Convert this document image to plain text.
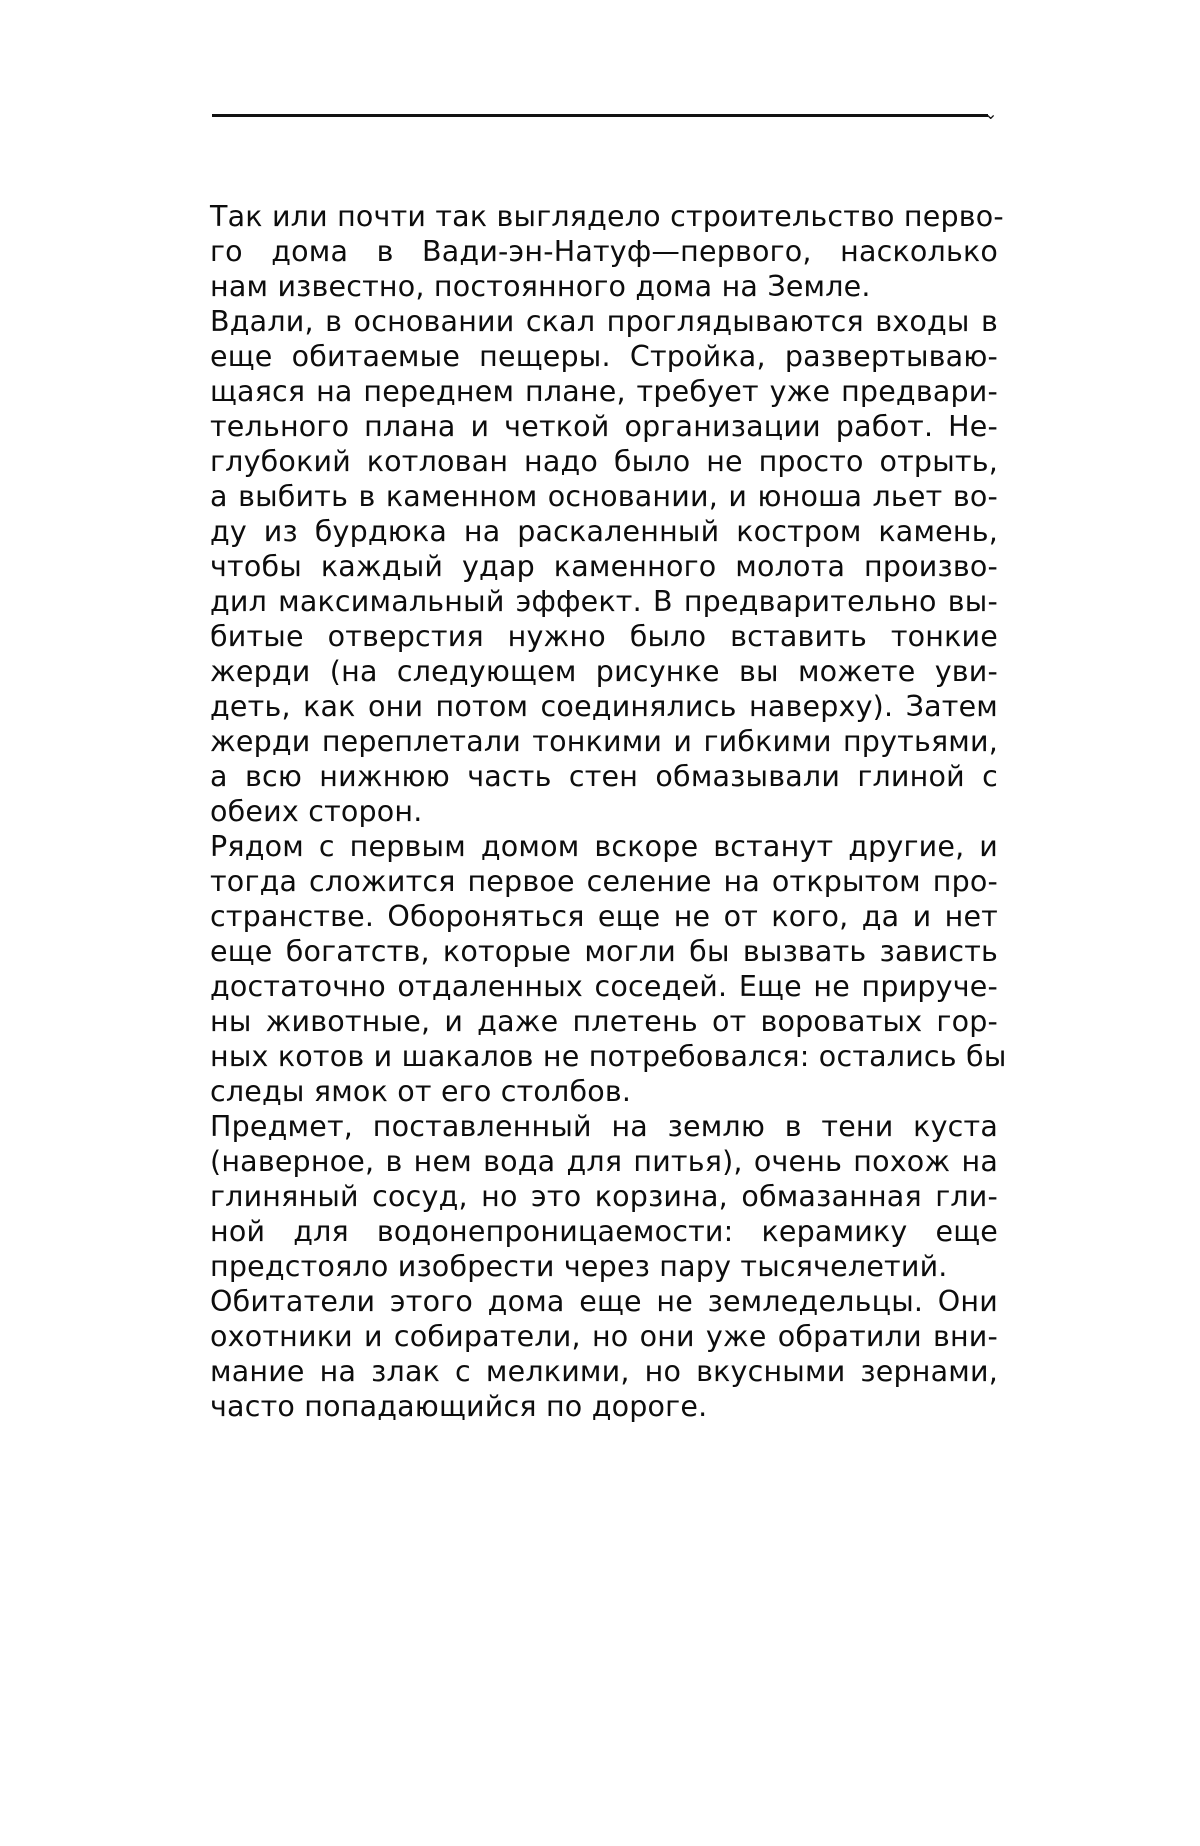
⌄
Так или почти так выглядело строительство перво-
го дома в Вади-эн-Натуф—первого, насколько
нам известно, постоянного дома на Земле.
Вдали, в основании скал проглядываются входы в
еще обитаемые пещеры. Стройка, развертываю-
щаяся на переднем плане, требует уже предвари-
тельного плана и четкой организации работ. Не-
глубокий котлован надо было не просто отрыть,
а выбить в каменном основании, и юноша льет во-
ду из бурдюка на раскаленный костром камень,
чтобы каждый удар каменного молота произво-
дил максимальный эффект. В предварительно вы-
битые отверстия нужно было вставить тонкие
жерди (на следующем рисунке вы можете уви-
деть, как они потом соединялись наверху). Затем
жерди переплетали тонкими и гибкими прутьями,
а всю нижнюю часть стен обмазывали глиной с
обеих сторон.
Рядом с первым домом вскоре встанут другие, и
тогда сложится первое селение на открытом про-
странстве. Обороняться еще не от кого, да и нет
еще богатств, которые могли бы вызвать зависть
достаточно отдаленных соседей. Еще не прируче-
ны животные, и даже плетень от вороватых гор-
ных котов и шакалов не потребовался: остались бы
следы ямок от его столбов.
Предмет, поставленный на землю в тени куста
(наверное, в нем вода для питья), очень похож на
глиняный сосуд, но это корзина, обмазанная гли-
ной для водонепроницаемости: керамику еще
предстояло изобрести через пару тысячелетий.
Обитатели этого дома еще не земледельцы. Они
охотники и собиратели, но они уже обратили вни-
мание на злак с мелкими, но вкусными зернами,
часто попадающийся по дороге.
